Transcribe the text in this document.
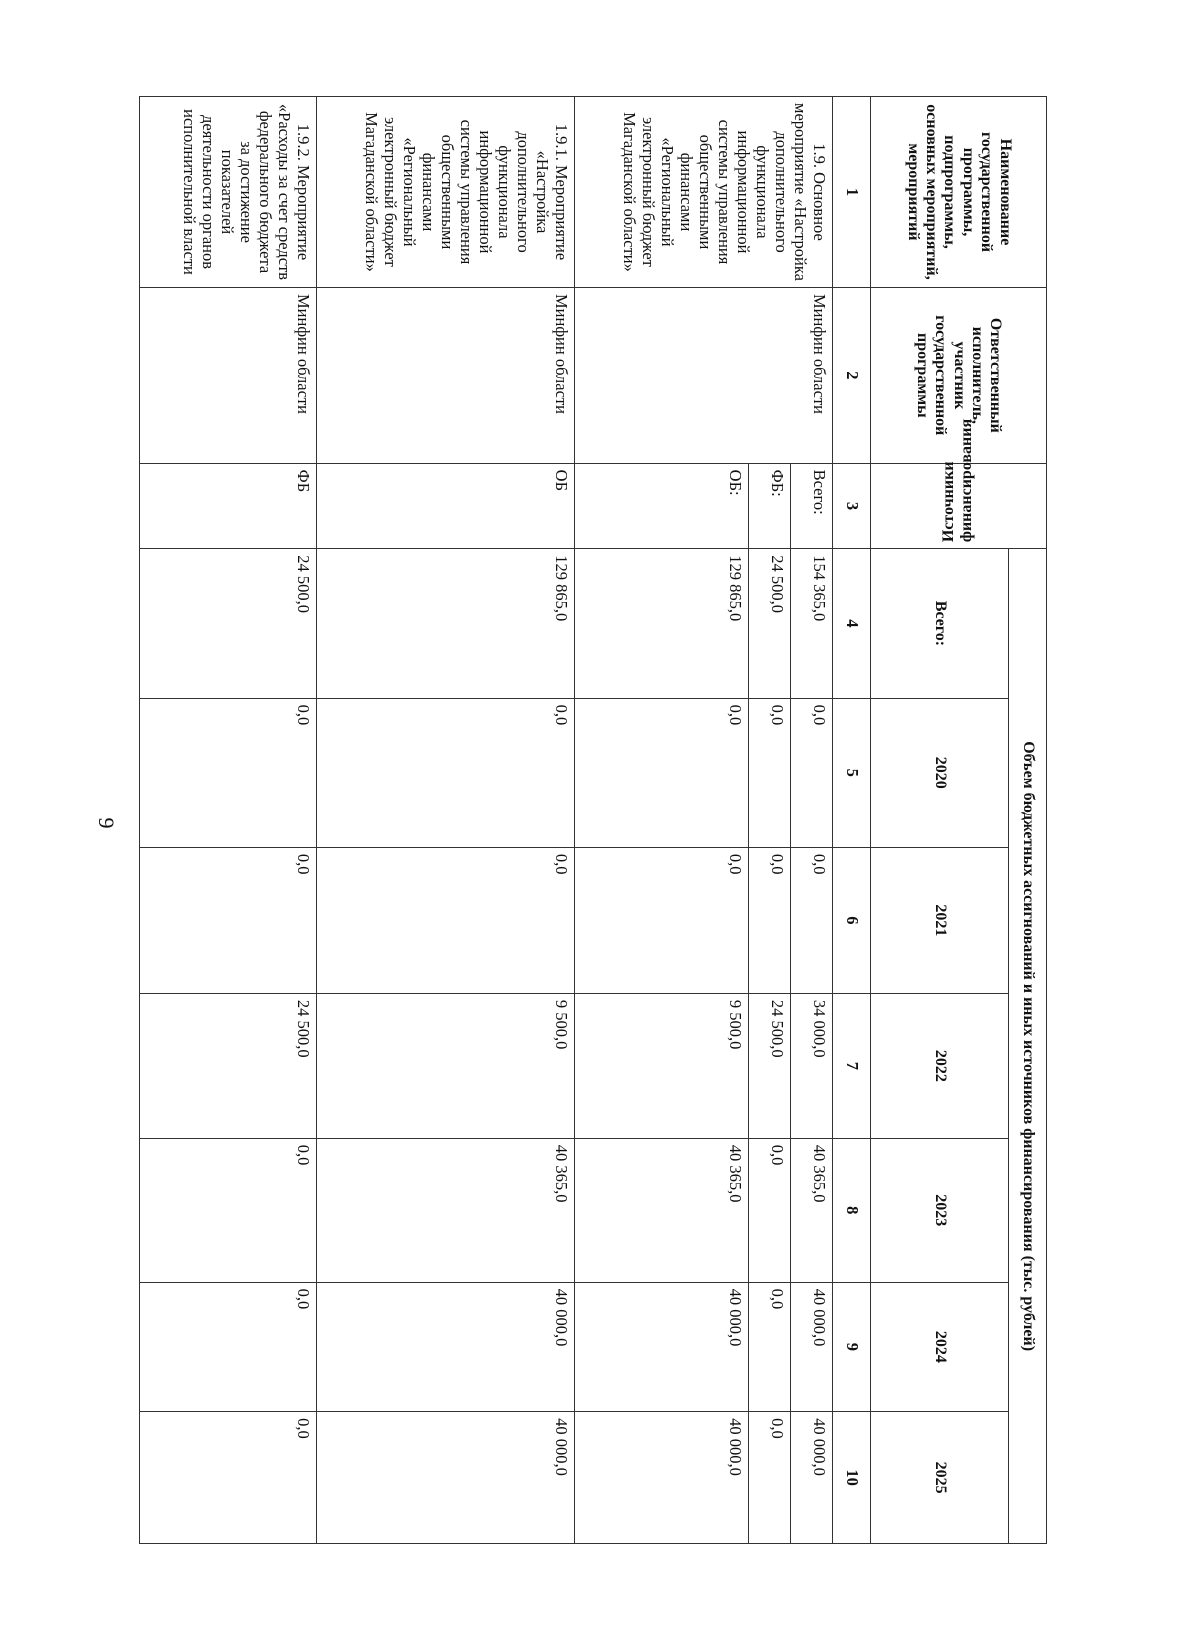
9
Наименование государственной программы, подпрограммы, основных мероприятий, мероприятий	Ответственный исполнитель, участник государственной программы	Источники финансирования	Объем бюджетных ассигнований и иных источников финансирования (тыс. рублей)						
			Всего:	2020	2021	2022	2023	2024	2025
1	2	3	4	5	6	7	8	9	10
1.9. Основное мероприятие «Настройка дополнительного функционала информационной системы управления общественными финансами «Региональный электронный бюджет Магаданской области»	Минфин области	Всего:	154 365,0	0,0	0,0	34 000,0	40 365,0	40 000,0	40 000,0
		ФБ:	24 500,0	0,0	0,0	24 500,0	0,0	0,0	0,0
		ОБ:	129 865,0	0,0	0,0	9 500,0	40 365,0	40 000,0	40 000,0
1.9.1. Мероприятие «Настройка дополнительного функционала информационной системы управления общественными финансами «Региональный электронный бюджет Магаданской области»	Минфин области	ОБ	129 865,0	0,0	0,0	9 500,0	40 365,0	40 000,0	40 000,0
1.9.2. Мероприятие «Расходы за счет средств федерального бюджета за достижение показателей деятельности органов исполнительной власти	Минфин области	ФБ	24 500,0	0,0	0,0	24 500,0	0,0	0,0	0,0
